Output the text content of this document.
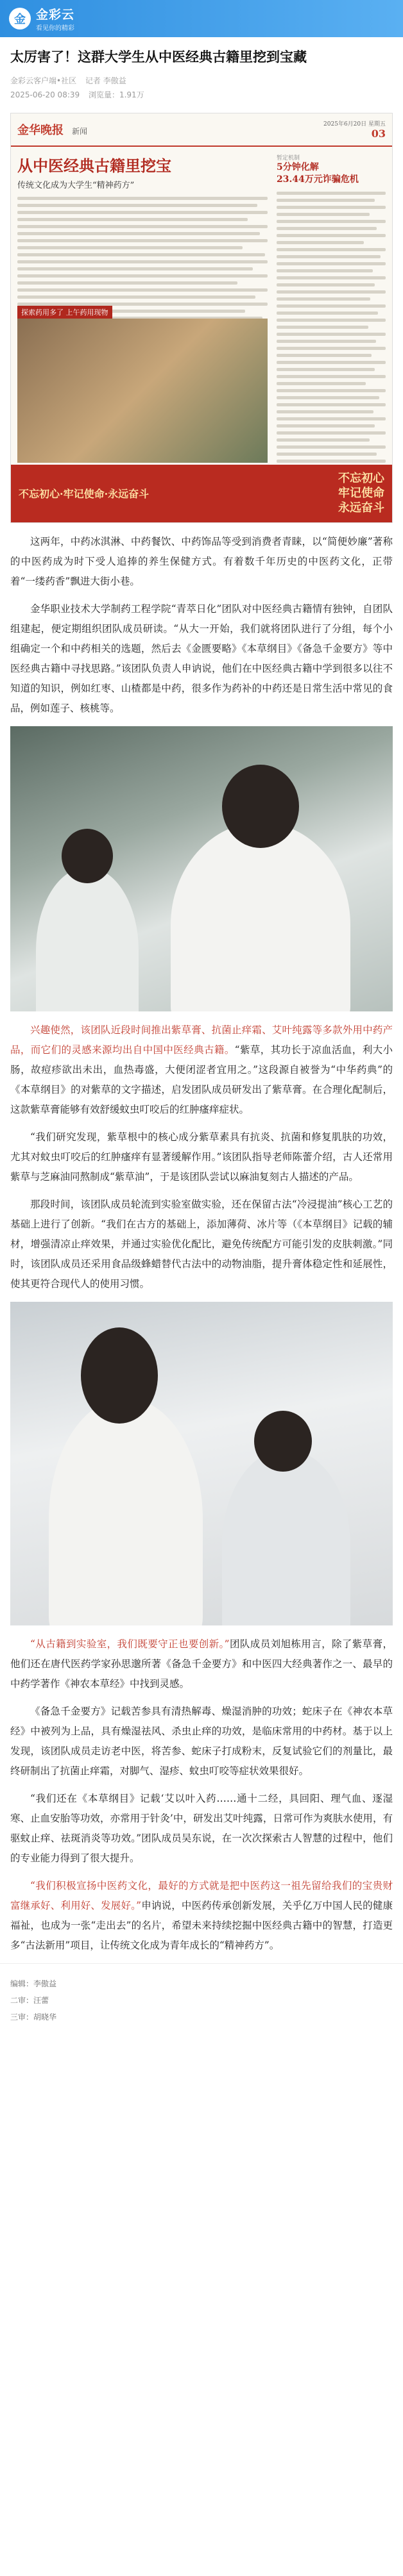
金 金彩云
看见你的精彩
太厉害了！这群大学生从中医经典古籍里挖到宝藏
金彩云客户端•社区 记者 李傲益
2025-06-20 08:39 浏览量：1.91万
金华晚报 新闻
2025年6月20日 星期五
03
从中医经典古籍里挖宝
传统文化成为大学生“精神药方”
探索药用多了 上午药用现物
暂定机制
5分钟化解
23.44万元诈骗危机
不忘初心·牢记使命·永远奋斗
不忘初心
牢记使命
永远奋斗

这两年，中药冰淇淋、中药餐饮、中药饰品等受到消费者青睐，以“简便妙廉”著称的中医药成为时下受人追捧的养生保健方式。有着数千年历史的中医药文化，正带着“一缕药香”飘进大街小巷。

金华职业技术大学制药工程学院“青萃日化”团队对中医经典古籍情有独钟，自团队组建起，便定期组织团队成员研读。“从大一开始，我们就将团队进行了分组，每个小组确定一个和中药相关的选题，然后去《金匮要略》《本草纲目》《备急千金要方》等中医经典古籍中寻找思路。”该团队负责人申讷说，他们在中医经典古籍中学到很多以往不知道的知识，例如红枣、山楂都是中药，很多作为药补的中药还是日常生活中常见的食品，例如莲子、核桃等。

兴趣使然，该团队近段时间推出紫草膏、抗菌止痒霜、艾叶纯露等多款外用中药产品，而它们的灵感来源均出自中国中医经典古籍。“紫草，其功长于凉血活血，利大小肠，故痘疹欲出未出，血热毒盛，大便闭涩者宜用之。”这段源自被誉为“中华药典”的《本草纲目》的对紫草的文字描述，启发团队成员研发出了紫草膏。在合理化配制后，这款紫草膏能够有效舒缓蚊虫叮咬后的红肿瘙痒症状。

“我们研究发现，紫草根中的核心成分紫草素具有抗炎、抗菌和修复肌肤的功效，尤其对蚊虫叮咬后的红肿瘙痒有显著缓解作用。”该团队指导老师陈蕾介绍，古人还常用紫草与芝麻油同熬制成“紫草油”，于是该团队尝试以麻油复刻古人描述的产品。

那段时间，该团队成员轮流到实验室做实验，还在保留古法“冷浸提油”核心工艺的基础上进行了创新。“我们在古方的基础上，添加薄荷、冰片等（《本草纲目》记载的辅材，增强清凉止痒效果，并通过实验优化配比，避免传统配方可能引发的皮肤刺激。”同时，该团队成员还采用食品级蜂蜡替代古法中的动物油脂，提升膏体稳定性和延展性，使其更符合现代人的使用习惯。

“从古籍到实验室，我们既要守正也要创新。”团队成员刘旭栋用言，除了紫草膏，他们还在唐代医药学家孙思邈所著《备急千金要方》和中医四大经典著作之一、最早的中药学著作《神农本草经》中找到灵感。

《备急千金要方》记载苦参具有清热解毒、燥湿消肿的功效；蛇床子在《神农本草经》中被列为上品，具有燥湿祛风、杀虫止痒的功效，是临床常用的中药材。基于以上发现，该团队成员走访老中医，将苦参、蛇床子打成粉末，反复试验它们的剂量比，最终研制出了抗菌止痒霜，对脚气、湿疹、蚊虫叮咬等症状效果很好。

“我们还在《本草纲目》记载‘艾以叶入药……通十二经，具回阳、理气血、逐湿寒、止血安胎等功效，亦常用于针灸’中，研发出艾叶纯露，日常可作为爽肤水使用，有驱蚊止痒、祛斑消炎等功效。”团队成员吴东说，在一次次探索古人智慧的过程中，他们的专业能力得到了很大提升。

“我们积极宣扬中医药文化，最好的方式就是把中医药这一祖先留给我们的宝贵财富继承好、利用好、发展好。”申讷说，中医药传承创新发展，关乎亿万中国人民的健康福祉，也成为一张“走出去”的名片，希望未来持续挖掘中医经典古籍中的智慧，打造更多“古法新用”项目，让传统文化成为青年成长的“精神药方”。

编辑：李傲益
二审：汪蕾
三审：胡晓华
